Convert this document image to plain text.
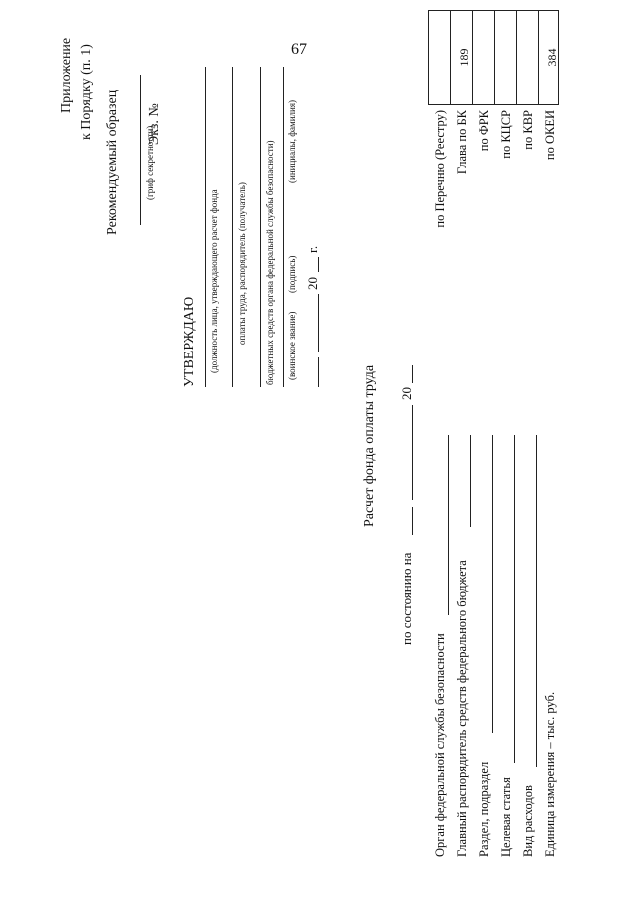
67
Приложение к Порядку (п. 1) Рекомендуемый образец	(гриф секретности)
Экз. №
УТВЕРЖДАЮ (должность лица, утверждающего расчет фонда оплаты труда, распорядитель (получатель) бюджетных средств органа федеральной службы безопасности) (воинское звание)
(подпись)
(инициалы, фамилия)
20
г.
Расчет фонда оплаты труда
по состоянию на
20
Орган федеральной службы безопасности Главный распорядитель средств федерального бюджета Раздел, подраздел Целевая статья Вид расходов Единица измерения – тыс. руб.
по Перечню (Реестру) Глава по БК по ФРК по КЦСР по КВР по ОКЕИ
189	384
